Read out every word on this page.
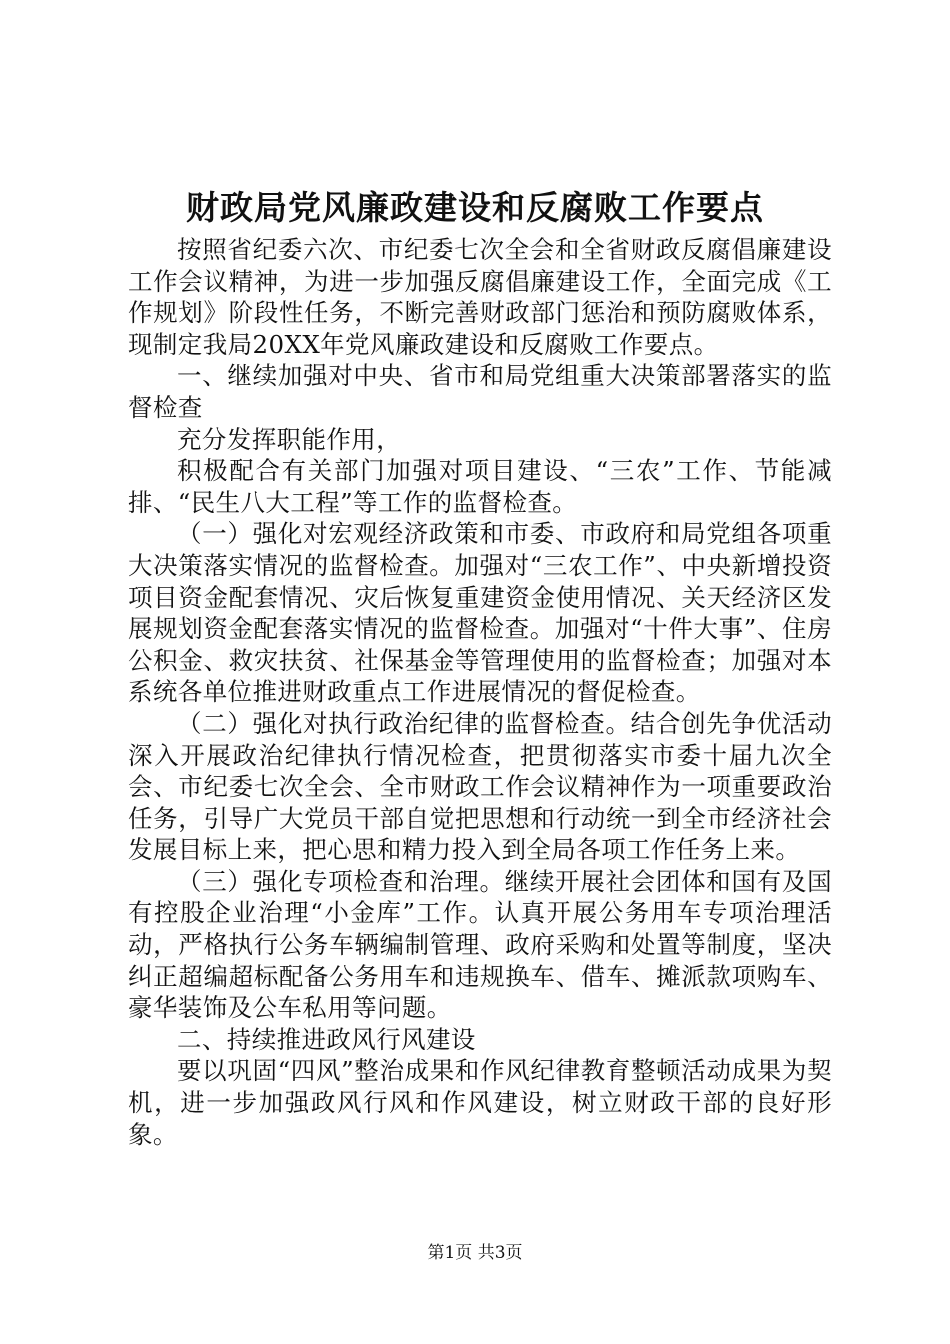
财政局党风廉政建设和反腐败工作要点

按照省纪委六次、市纪委七次全会和全省财政反腐倡廉建设工作会议精神，为进一步加强反腐倡廉建设工作，全面完成《工作规划》阶段性任务，不断完善财政部门惩治和预防腐败体系，现制定我局20XX年党风廉政建设和反腐败工作要点。

一、继续加强对中央、省市和局党组重大决策部署落实的监督检查

充分发挥职能作用，

积极配合有关部门加强对项目建设、“三农”工作、节能减排、“民生八大工程”等工作的监督检查。

（一）强化对宏观经济政策和市委、市政府和局党组各项重大决策落实情况的监督检查。加强对“三农工作”、中央新增投资项目资金配套情况、灾后恢复重建资金使用情况、关天经济区发展规划资金配套落实情况的监督检查。加强对“十件大事”、住房公积金、救灾扶贫、社保基金等管理使用的监督检查；加强对本系统各单位推进财政重点工作进展情况的督促检查。

（二）强化对执行政治纪律的监督检查。结合创先争优活动深入开展政治纪律执行情况检查，把贯彻落实市委十届九次全会、市纪委七次全会、全市财政工作会议精神作为一项重要政治任务，引导广大党员干部自觉把思想和行动统一到全市经济社会发展目标上来，把心思和精力投入到全局各项工作任务上来。

（三）强化专项检查和治理。继续开展社会团体和国有及国有控股企业治理“小金库”工作。认真开展公务用车专项治理活动，严格执行公务车辆编制管理、政府采购和处置等制度，坚决纠正超编超标配备公务用车和违规换车、借车、摊派款项购车、豪华装饰及公车私用等问题。

二、持续推进政风行风建设

要以巩固“四风”整治成果和作风纪律教育整顿活动成果为契机，进一步加强政风行风和作风建设，树立财政干部的良好形象。

第1页 共3页
